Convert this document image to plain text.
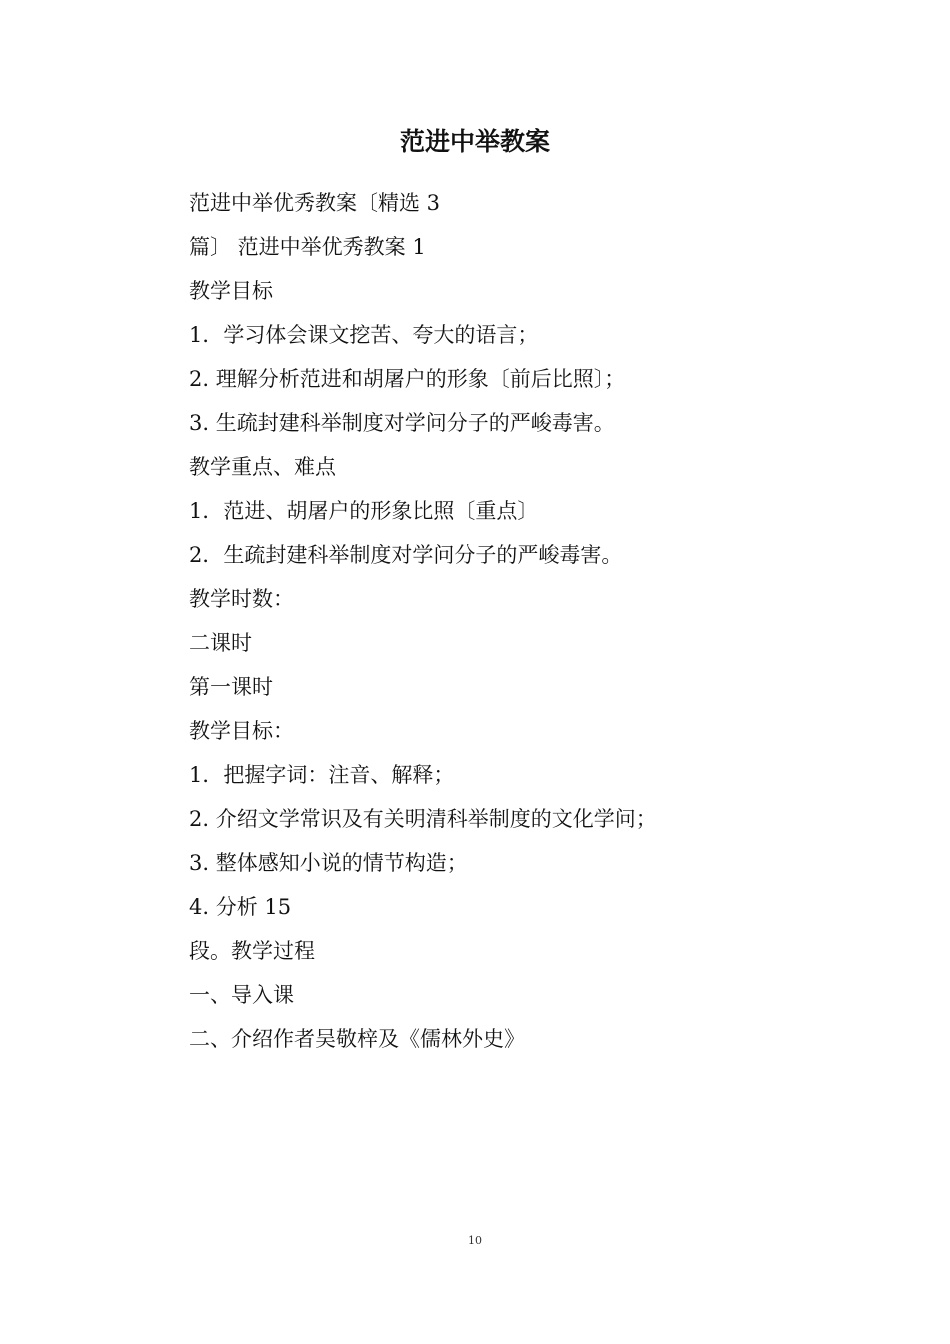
范进中举教案
范进中举优秀教案〔精选 3
篇〕 范进中举优秀教案 1
教学目标
1．学习体会课文挖苦、夸大的语言；
2. 理解分析范进和胡屠户的形象〔前后比照〕；
3. 生疏封建科举制度对学问分子的严峻毒害。
教学重点、难点
1．范进、胡屠户的形象比照〔重点〕
2．生疏封建科举制度对学问分子的严峻毒害。
教学时数：
二课时
第一课时
教学目标：
1．把握字词：注音、解释；
2. 介绍文学常识及有关明清科举制度的文化学问；
3. 整体感知小说的情节构造；
4. 分析 15
段。教学过程
一、导入课
二、介绍作者吴敬梓及《儒林外史》
10
